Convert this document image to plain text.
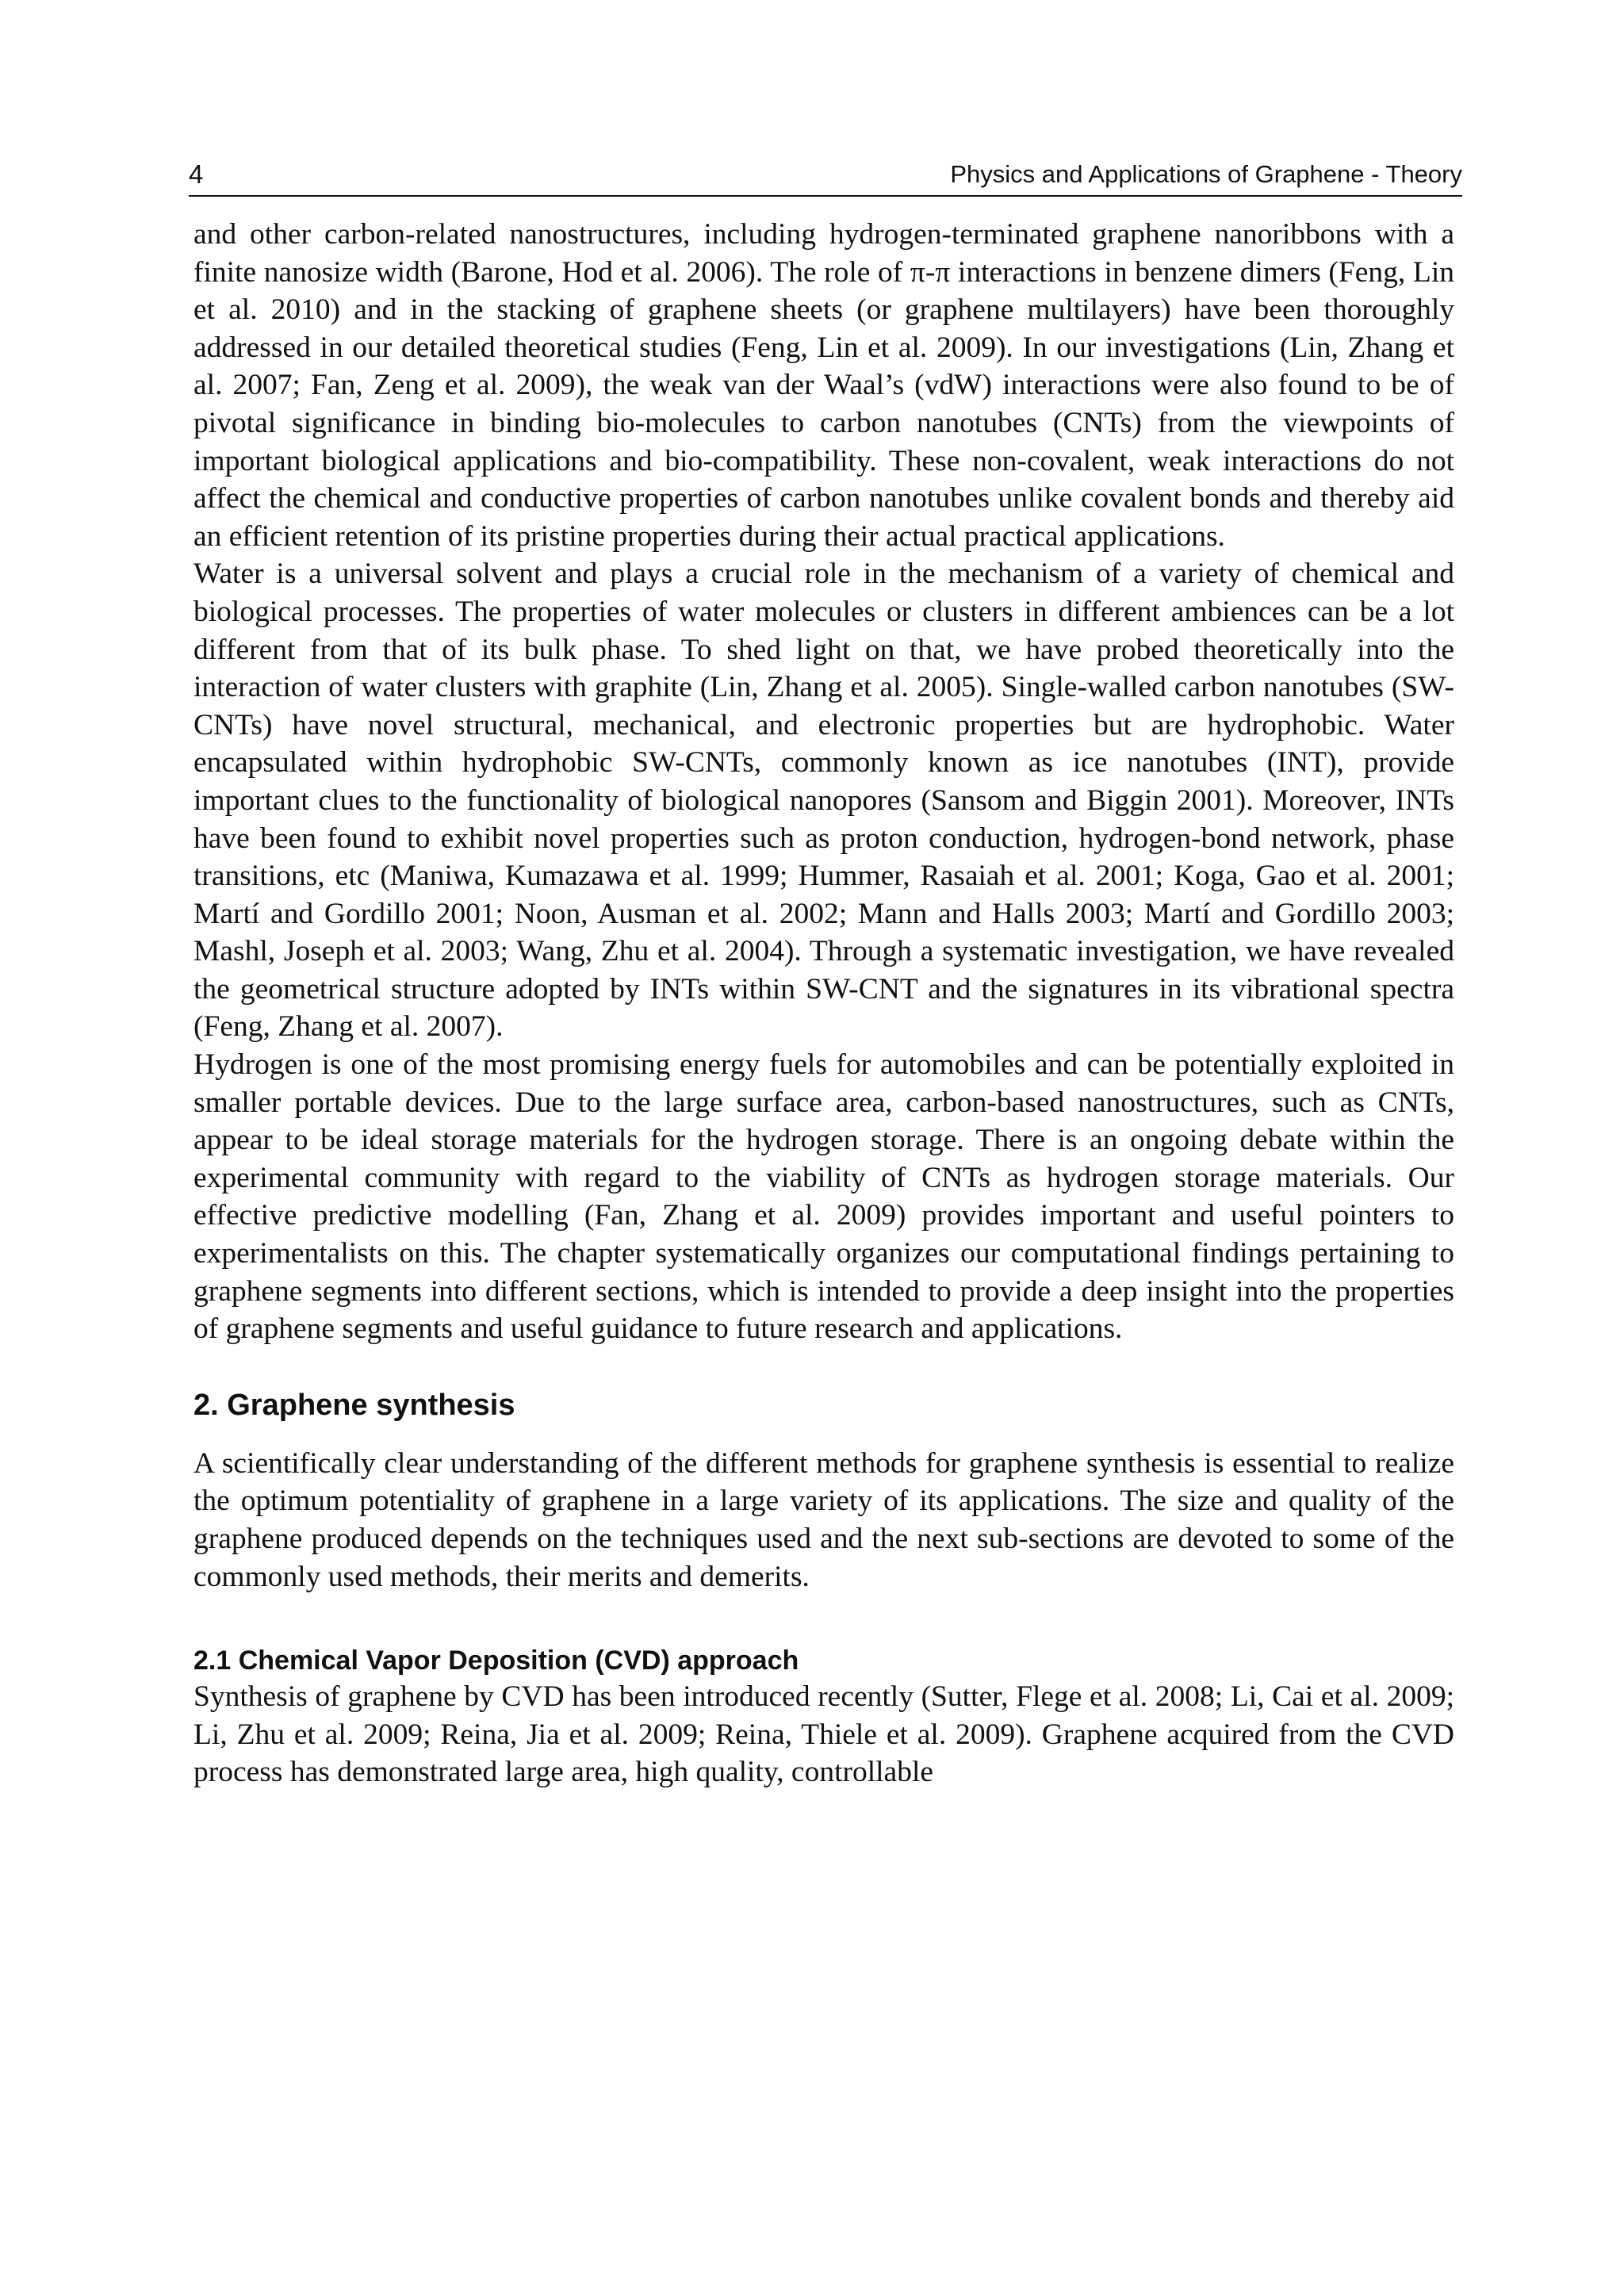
4	Physics and Applications of Graphene - Theory

and other carbon-related nanostructures, including hydrogen-terminated graphene nanoribbons with a finite nanosize width (Barone, Hod et al. 2006). The role of π-π interactions in benzene dimers (Feng, Lin et al. 2010) and in the stacking of graphene sheets (or graphene multilayers) have been thoroughly addressed in our detailed theoretical studies (Feng, Lin et al. 2009). In our investigations (Lin, Zhang et al. 2007; Fan, Zeng et al. 2009), the weak van der Waal’s (vdW) interactions were also found to be of pivotal significance in binding bio-molecules to carbon nanotubes (CNTs) from the viewpoints of important biological applications and bio-compatibility. These non-covalent, weak interactions do not affect the chemical and conductive properties of carbon nanotubes unlike covalent bonds and thereby aid an efficient retention of its pristine properties during their actual practical applications.

Water is a universal solvent and plays a crucial role in the mechanism of a variety of chemical and biological processes. The properties of water molecules or clusters in different ambiences can be a lot different from that of its bulk phase. To shed light on that, we have probed theoretically into the interaction of water clusters with graphite (Lin, Zhang et al. 2005). Single-walled carbon nanotubes (SW-CNTs) have novel structural, mechanical, and electronic properties but are hydrophobic. Water encapsulated within hydrophobic SW-CNTs, commonly known as ice nanotubes (INT), provide important clues to the functionality of biological nanopores (Sansom and Biggin 2001). Moreover, INTs have been found to exhibit novel properties such as proton conduction, hydrogen-bond network, phase transitions, etc (Maniwa, Kumazawa et al. 1999; Hummer, Rasaiah et al. 2001; Koga, Gao et al. 2001; Martí and Gordillo 2001; Noon, Ausman et al. 2002; Mann and Halls 2003; Martí and Gordillo 2003; Mashl, Joseph et al. 2003; Wang, Zhu et al. 2004). Through a systematic investigation, we have revealed the geometrical structure adopted by INTs within SW-CNT and the signatures in its vibrational spectra (Feng, Zhang et al. 2007).

Hydrogen is one of the most promising energy fuels for automobiles and can be potentially exploited in smaller portable devices. Due to the large surface area, carbon-based nanostructures, such as CNTs, appear to be ideal storage materials for the hydrogen storage. There is an ongoing debate within the experimental community with regard to the viability of CNTs as hydrogen storage materials. Our effective predictive modelling (Fan, Zhang et al. 2009) provides important and useful pointers to experimentalists on this. The chapter systematically organizes our computational findings pertaining to graphene segments into different sections, which is intended to provide a deep insight into the properties of graphene segments and useful guidance to future research and applications.

2. Graphene synthesis

A scientifically clear understanding of the different methods for graphene synthesis is essential to realize the optimum potentiality of graphene in a large variety of its applications. The size and quality of the graphene produced depends on the techniques used and the next sub-sections are devoted to some of the commonly used methods, their merits and demerits.

2.1 Chemical Vapor Deposition (CVD) approach

Synthesis of graphene by CVD has been introduced recently (Sutter, Flege et al. 2008; Li, Cai et al. 2009; Li, Zhu et al. 2009; Reina, Jia et al. 2009; Reina, Thiele et al. 2009). Graphene acquired from the CVD process has demonstrated large area, high quality, controllable
